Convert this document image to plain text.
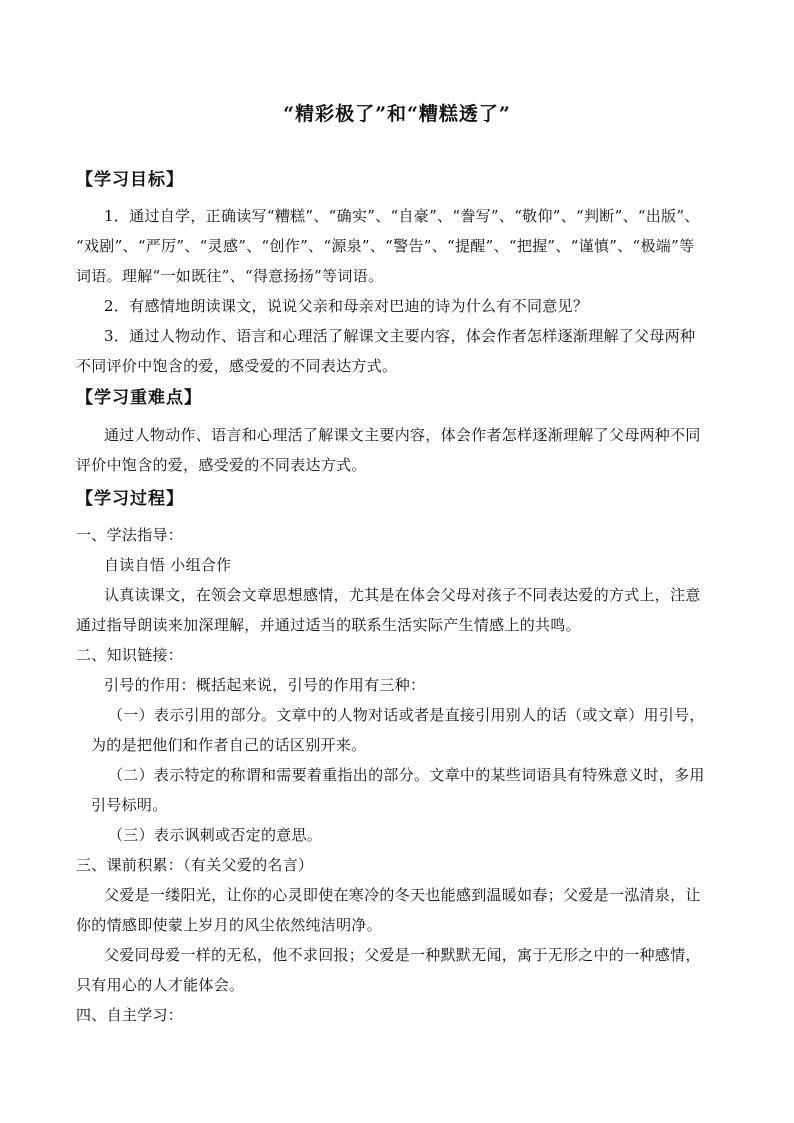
“精彩极了”和“糟糕透了”
【学习目标】
1．通过自学，正确读写“糟糕”、“确实”、“自豪”、“誊写”、“敬仰”、“判断”、“出版”、
“戏剧”、“严厉”、“灵感”、“创作”、“源泉”、“警告”、“提醒”、“把握”、“谨慎”、“极端”等
词语。理解“一如既往”、“得意扬扬”等词语。
2．有感情地朗读课文，说说父亲和母亲对巴迪的诗为什么有不同意见？
3．通过人物动作、语言和心理活了解课文主要内容，体会作者怎样逐渐理解了父母两种
不同评价中饱含的爱，感受爱的不同表达方式。
【学习重难点】
通过人物动作、语言和心理活了解课文主要内容，体会作者怎样逐渐理解了父母两种不同
评价中饱含的爱，感受爱的不同表达方式。
【学习过程】
一、学法指导：
自读自悟 小组合作
认真读课文，在领会文章思想感情，尤其是在体会父母对孩子不同表达爱的方式上，注意
通过指导朗读来加深理解，并通过适当的联系生活实际产生情感上的共鸣。
二、知识链接：
引号的作用：概括起来说，引号的作用有三种：
（一）表示引用的部分。文章中的人物对话或者是直接引用别人的话（或文章）用引号，
为的是把他们和作者自己的话区别开来。
（二）表示特定的称谓和需要着重指出的部分。文章中的某些词语具有特殊意义时，多用
引号标明。
（三）表示讽刺或否定的意思。
三、课前积累：（有关父爱的名言）
父爱是一缕阳光，让你的心灵即使在寒冷的冬天也能感到温暖如春；父爱是一泓清泉，让
你的情感即使蒙上岁月的风尘依然纯洁明净。
父爱同母爱一样的无私，他不求回报；父爱是一种默默无闻，寓于无形之中的一种感情，
只有用心的人才能体会。
四、自主学习：
